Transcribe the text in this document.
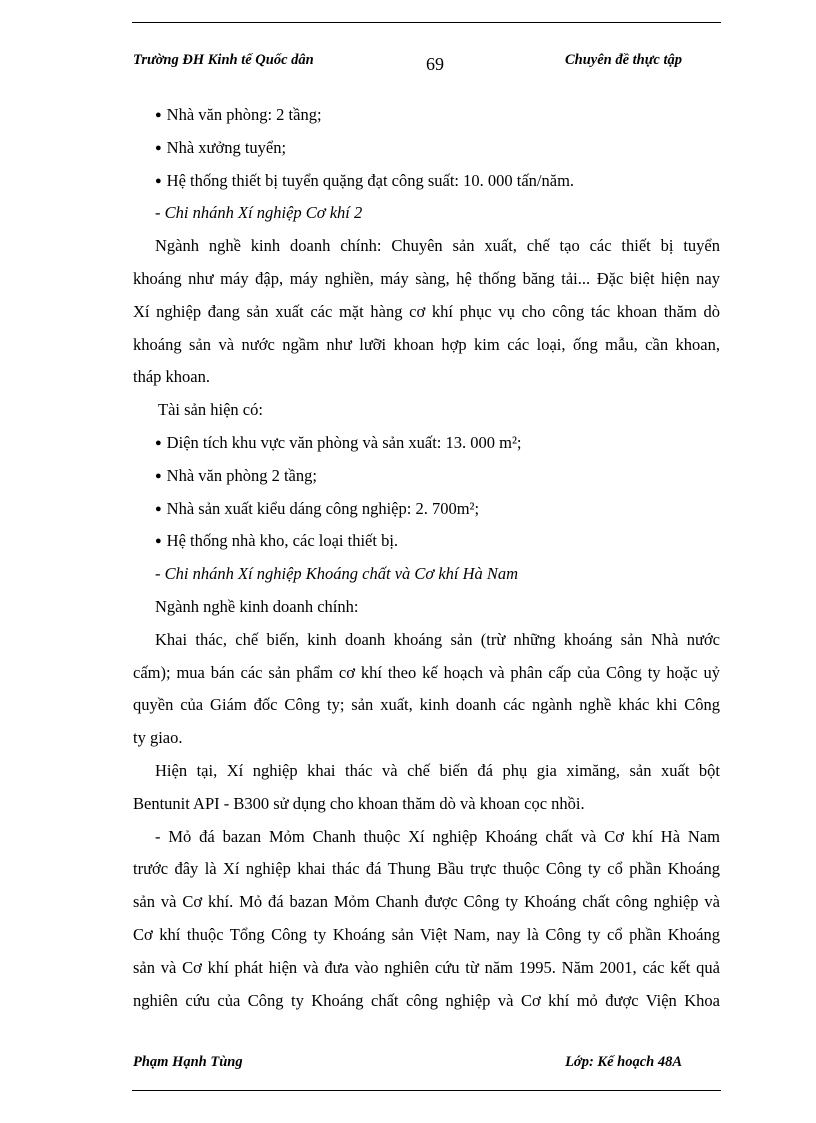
Trường ĐH Kinh tế Quốc dân	69	Chuyên đề thực tập
● Nhà văn phòng: 2 tầng;
● Nhà xưởng tuyển;
● Hệ thống thiết bị tuyển quặng đạt công suất: 10. 000 tấn/năm.
- Chi nhánh Xí nghiệp Cơ khí 2
Ngành nghề kinh doanh chính: Chuyên sản xuất, chế tạo các thiết bị tuyển
khoáng như máy đập, máy nghiền, máy sàng, hệ thống băng tải... Đặc biệt hiện nay
Xí nghiệp đang sản xuất các mặt hàng cơ khí phục vụ cho công tác khoan thăm dò
khoáng sản và nước ngầm như lưỡi khoan hợp kim các loại, ống mẫu, cần khoan,
tháp khoan.
Tài sản hiện có:
● Diện tích khu vực văn phòng và sản xuất: 13. 000 m²;
● Nhà văn phòng 2 tầng;
● Nhà sản xuất kiểu dáng công nghiệp: 2. 700m²;
● Hệ thống nhà kho, các loại thiết bị.
- Chi nhánh Xí nghiệp Khoáng chất và Cơ khí Hà Nam
Ngành nghề kinh doanh chính:
Khai thác, chế biến, kinh doanh khoáng sản (trừ những khoáng sản Nhà nước
cấm); mua bán các sản phẩm cơ khí theo kế hoạch và phân cấp của Công ty hoặc uỷ
quyền của Giám đốc Công ty; sản xuất, kinh doanh các ngành nghề khác khi Công
ty giao.
Hiện tại, Xí nghiệp khai thác và chế biến đá phụ gia ximăng, sản xuất bột
Bentunit API - B300 sử dụng cho khoan thăm dò và khoan cọc nhồi.
- Mỏ đá bazan Mỏm Chanh thuộc Xí nghiệp Khoáng chất và Cơ khí Hà Nam
trước đây là Xí nghiệp khai thác đá Thung Bầu trực thuộc Công ty cổ phần Khoáng
sản và Cơ khí. Mỏ đá bazan Mỏm Chanh được Công ty Khoáng chất công nghiệp và
Cơ khí thuộc Tổng Công ty Khoáng sản Việt Nam, nay là Công ty cổ phần Khoáng
sản và Cơ khí phát hiện và đưa vào nghiên cứu từ năm 1995. Năm 2001, các kết quả
nghiên cứu của Công ty Khoáng chất công nghiệp và Cơ khí mỏ được Viện Khoa
Phạm Hạnh Tùng	Lớp: Kế hoạch 48A
